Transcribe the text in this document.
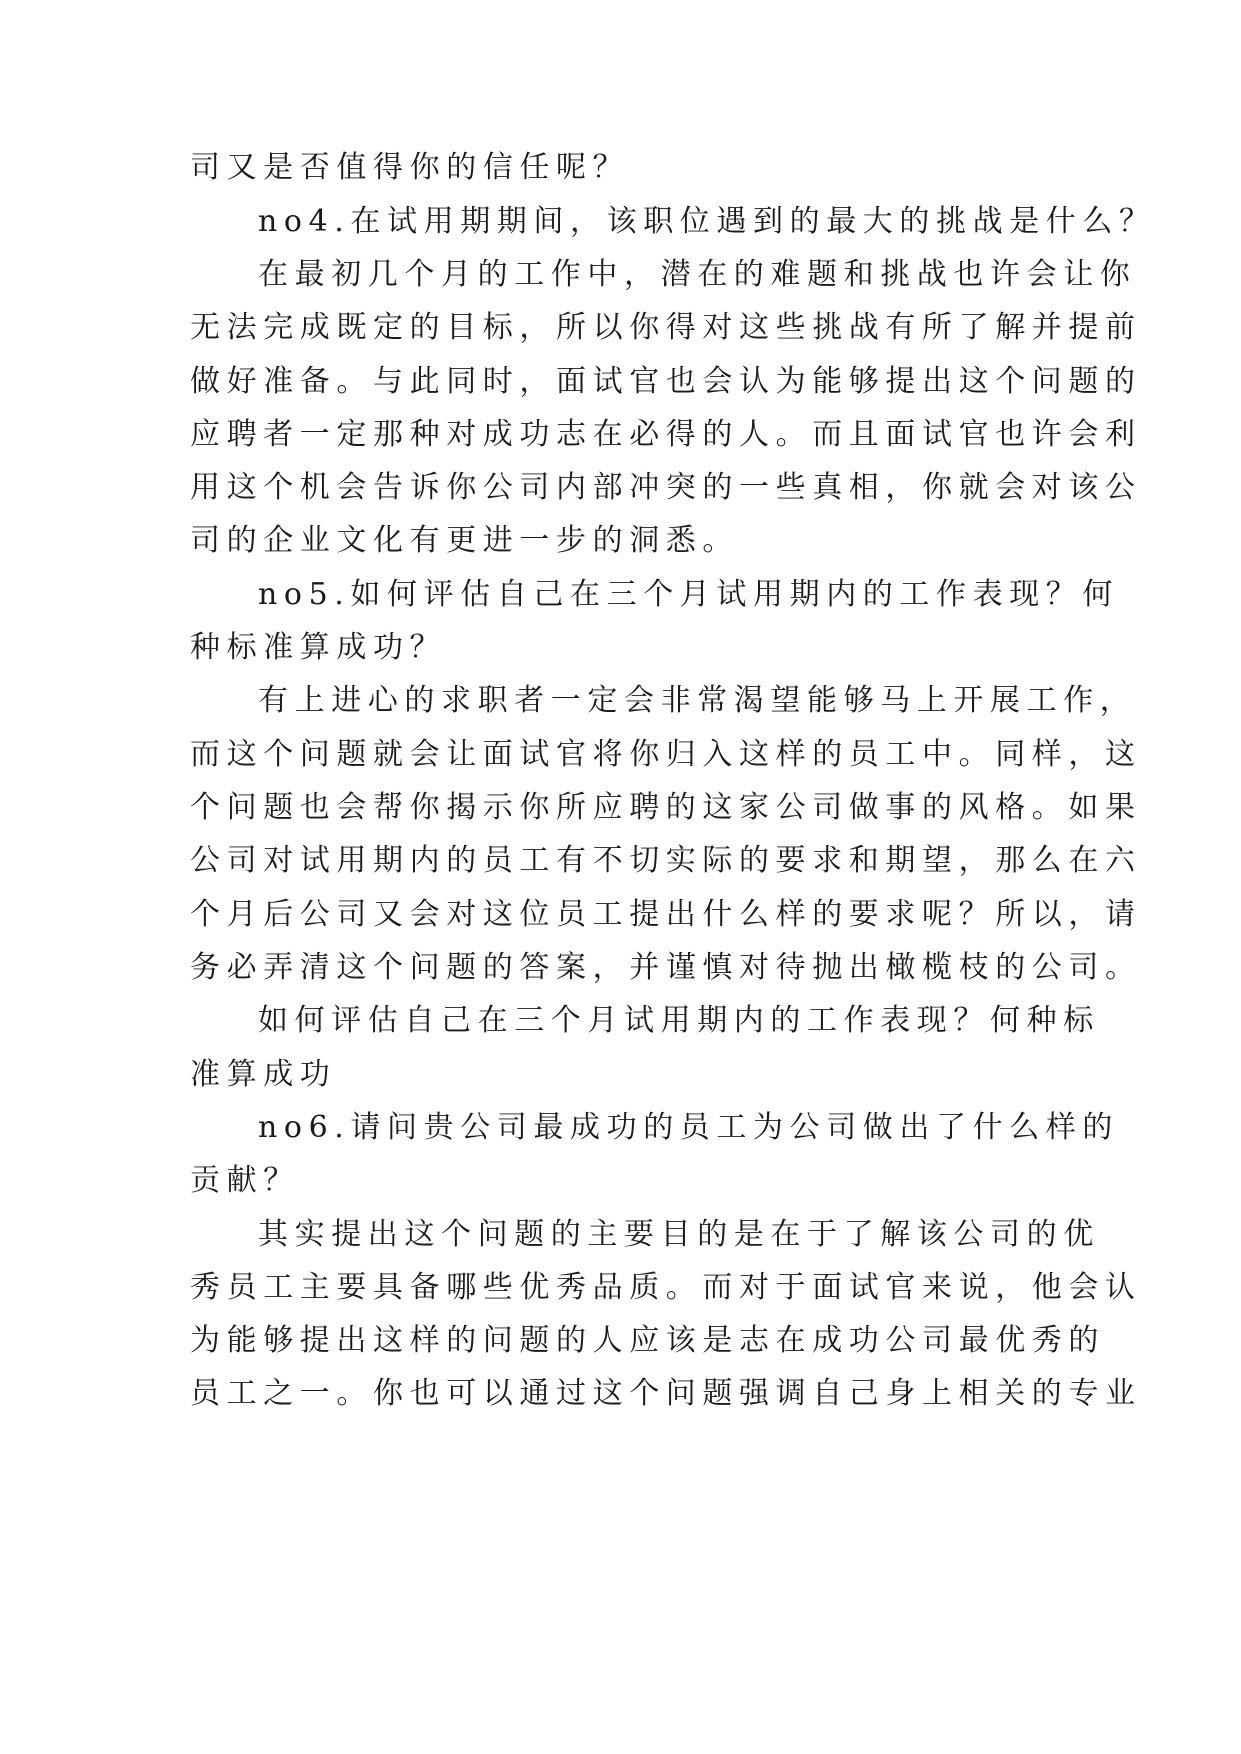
司又是否值得你的信任呢？
no4.在试用期期间，该职位遇到的最大的挑战是什么？
在最初几个月的工作中，潜在的难题和挑战也许会让你
无法完成既定的目标，所以你得对这些挑战有所了解并提前
做好准备。与此同时，面试官也会认为能够提出这个问题的
应聘者一定那种对成功志在必得的人。而且面试官也许会利
用这个机会告诉你公司内部冲突的一些真相，你就会对该公
司的企业文化有更进一步的洞悉。
no5.如何评估自己在三个月试用期内的工作表现？何
种标准算成功？
有上进心的求职者一定会非常渴望能够马上开展工作，
而这个问题就会让面试官将你归入这样的员工中。同样，这
个问题也会帮你揭示你所应聘的这家公司做事的风格。如果
公司对试用期内的员工有不切实际的要求和期望，那么在六
个月后公司又会对这位员工提出什么样的要求呢？所以，请
务必弄清这个问题的答案，并谨慎对待抛出橄榄枝的公司。
如何评估自己在三个月试用期内的工作表现？何种标
准算成功
no6.请问贵公司最成功的员工为公司做出了什么样的
贡献？
其实提出这个问题的主要目的是在于了解该公司的优
秀员工主要具备哪些优秀品质。而对于面试官来说，他会认
为能够提出这样的问题的人应该是志在成功公司最优秀的
员工之一。你也可以通过这个问题强调自己身上相关的专业
